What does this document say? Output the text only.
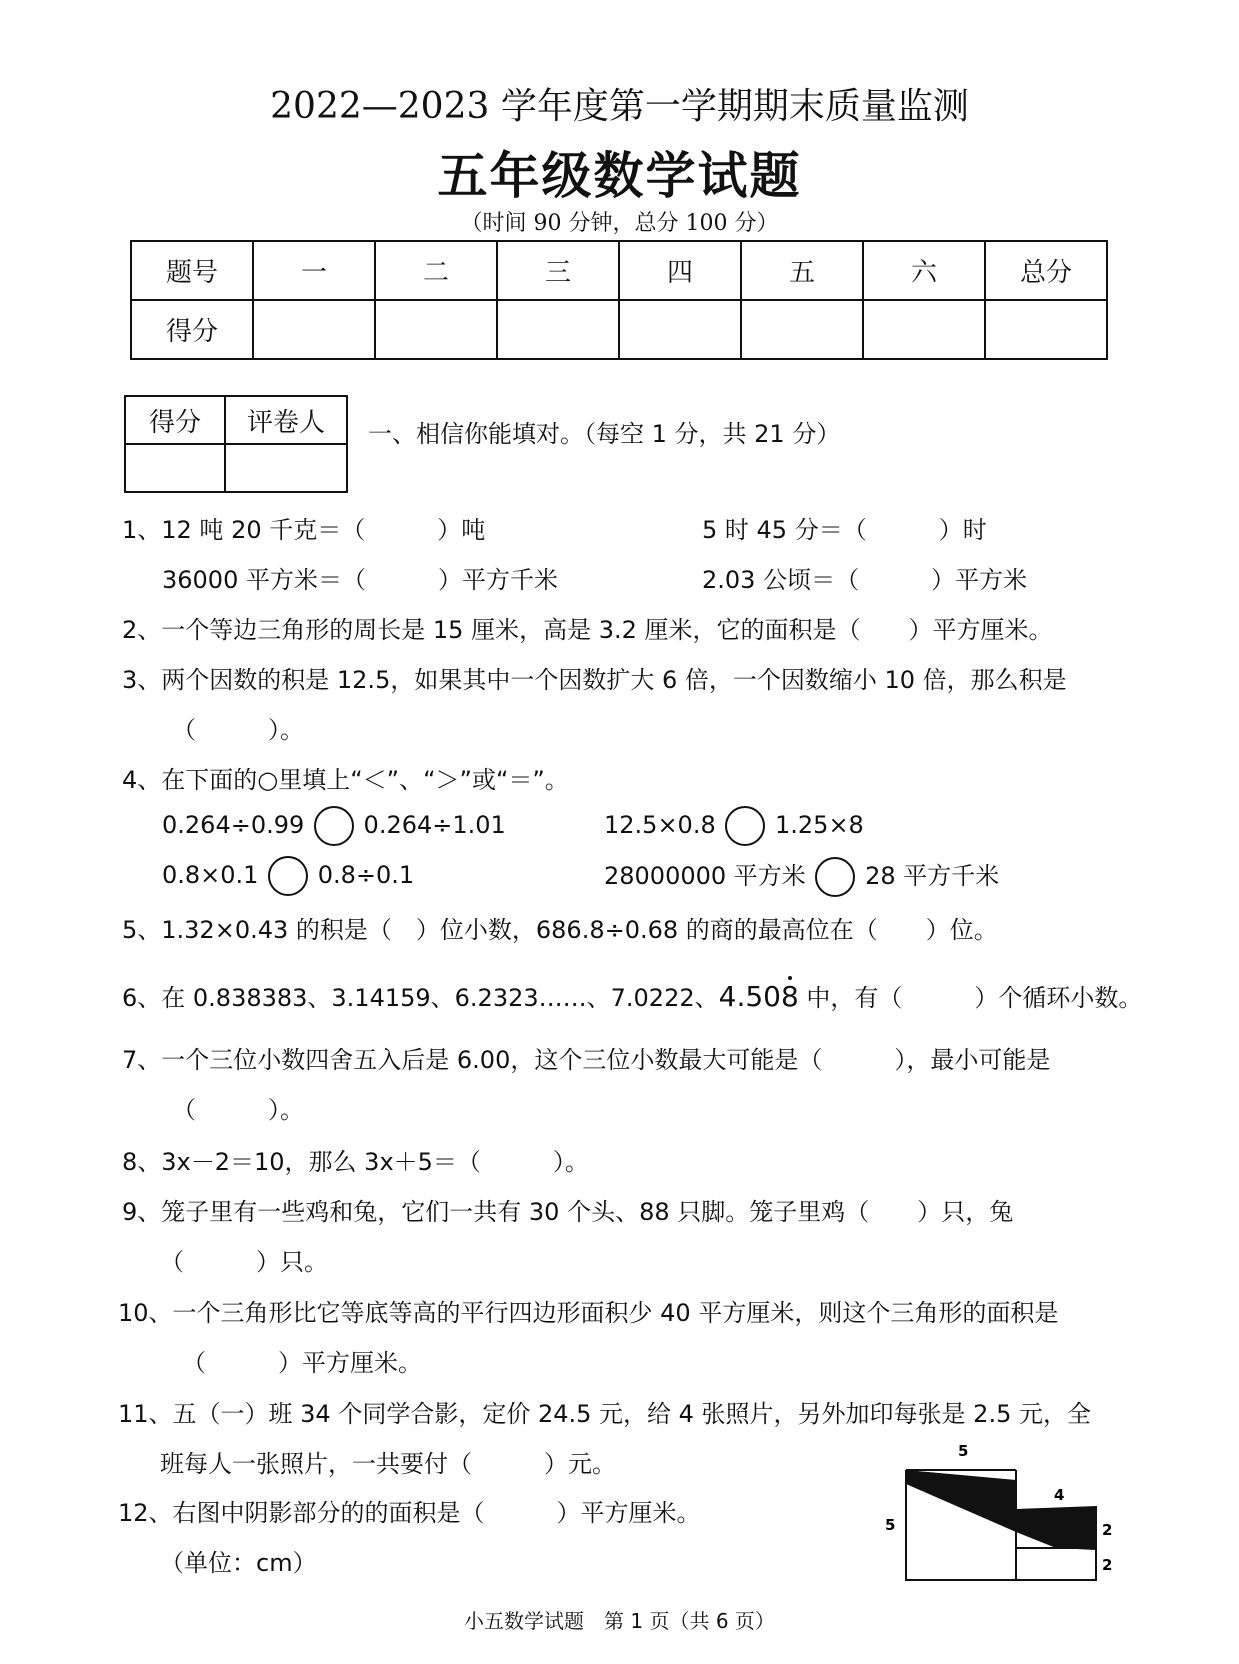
2022—2023 学年度第一学期期末质量监测
五年级数学试题
（时间 90 分钟，总分 100 分）
题号	一	二	三	四	五	六	总分
得分							
得分	评卷人
	一、相信你能填对。（每空 1 分，共 21 分）
1、12 吨 20 千克＝（　　　）吨	5 时 45 分＝（　　　）时
36000 平方米＝（　　　）平方千米	2.03 公顷＝（　　　）平方米
2、一个等边三角形的周长是 15 厘米，高是 3.2 厘米，它的面积是（　　）平方厘米。
3、两个因数的积是 12.5，如果其中一个因数扩大 6 倍，一个因数缩小 10 倍，那么积是
（　　　）。
4、在下面的○里填上“＜”、“＞”或“＝”。
0.264÷0.99 0.264÷1.01	12.5×0.8 1.25×8
0.8×0.1 0.8÷0.1	28000000 平方米 28 平方千米
5、1.32×0.43 的积是（　）位小数，686.8÷0.68 的商的最高位在（　　）位。
6、在 0.838383、3.14159、6.2323……、7.0222、4.508 中，有（　　　）个循环小数。
7、一个三位小数四舍五入后是 6.00，这个三位小数最大可能是（　　　），最小可能是
（　　　）。
8、3x－2＝10，那么 3x＋5＝（　　　）。
9、笼子里有一些鸡和兔，它们一共有 30 个头、88 只脚。笼子里鸡（　　）只，兔
（　　　）只。
10、一个三角形比它等底等高的平行四边形面积少 40 平方厘米，则这个三角形的面积是
（　　　）平方厘米。
11、五（一）班 34 个同学合影，定价 24.5 元，给 4 张照片，另外加印每张是 2.5 元，全
班每人一张照片，一共要付（　　　）元。
12、右图中阴影部分的的面积是（　　　）平方厘米。
（单位：cm）
5
4
5	2
2
小五数学试题　第 1 页（共 6 页）
